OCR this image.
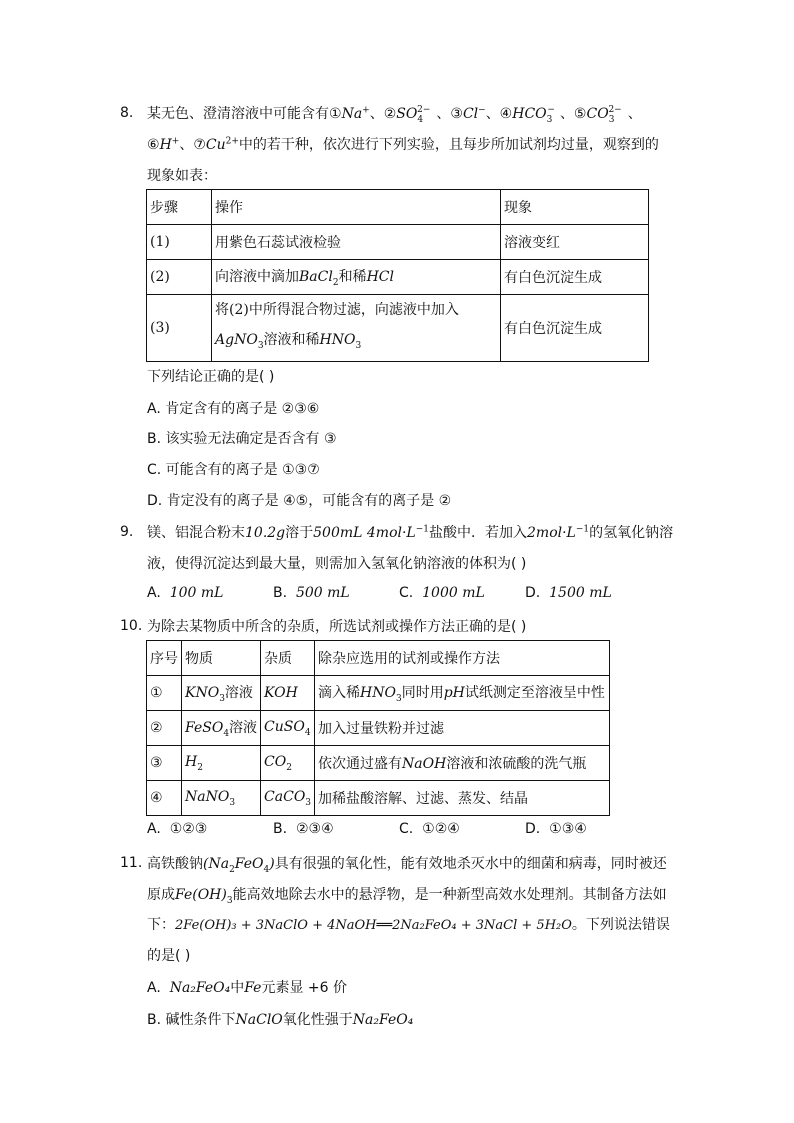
8. 某无色、澄清溶液中可能含有①Na+、$②SO_4^{2-}$ 、③Cl−、$④HCO_3^-$ 、$⑤CO_3^{2-}$ 、
⑥H+、$⑦Cu^{2+}$中的若干种，依次进行下列实验，且每步所加试剂均过量，观察到的
现象如表：
步骤	操作	现象
(1)	用紫色石蕊试液检验	溶液变红
(2)	向溶液中滴加BaCl$_2$和稀HCl	有白色沉淀生成
(3)	将(2)中所得混合物过滤，向滤液中加入
AgNO$_3$溶液和稀$HNO_3$	有白色沉淀生成
下列结论正确的是( )
A. 肯定含有的离子是 ②③⑥
B. 该实验无法确定是否含有 ③
C. 可能含有的离子是 ①③⑦
D. 肯定没有的离子是 ④⑤，可能含有的离子是 ②
9. 镁、铝混合粉末10.2g溶于500mL $4mol\cdot L^{-1}$盐酸中．若加入$2mol\cdot L^{-1}$的氢氧化钠溶
液，使得沉淀达到最大量，则需加入氢氧化钠溶液的体积为( )
A. 100 mL	B. 500 mL	C. 1000 mL	D. 1500 mL
10. 为除去某物质中所含的杂质，所选试剂或操作方法正确的是( )
序号	物质	杂质	除杂应选用的试剂或操作方法
①	$KNO_3$溶液	KOH	滴入稀$HNO_3$同时用pH试纸测定至溶液呈中性
②	FeSO$_4$溶液	CuSO$_4$	加入过量铁粉并过滤
③	$H_2$	$CO_2$	依次通过盛有NaOH溶液和浓硫酸的洗气瓶
④	NaNO$_3$	CaCO$_3$	加稀盐酸溶解、过滤、蒸发、结晶
A. ①②③	B. ②③④	C. ①②④	D. ①③④
11. 高铁酸钠$(Na_2FeO_4)$具有很强的氧化性，能有效地杀灭水中的细菌和病毒，同时被还
原成$Fe(OH)_3$能高效地除去水中的悬浮物，是一种新型高效水处理剂。其制备方法如
下：2Fe(OH)₃ + 3NaClO + 4NaOH══2Na₂FeO₄ + 3NaCl + 5H₂O。下列说法错误
的是( )
A. Na₂FeO₄中Fe元素显 +6 价
B. 碱性条件下NaClO氧化性强于Na₂FeO₄
